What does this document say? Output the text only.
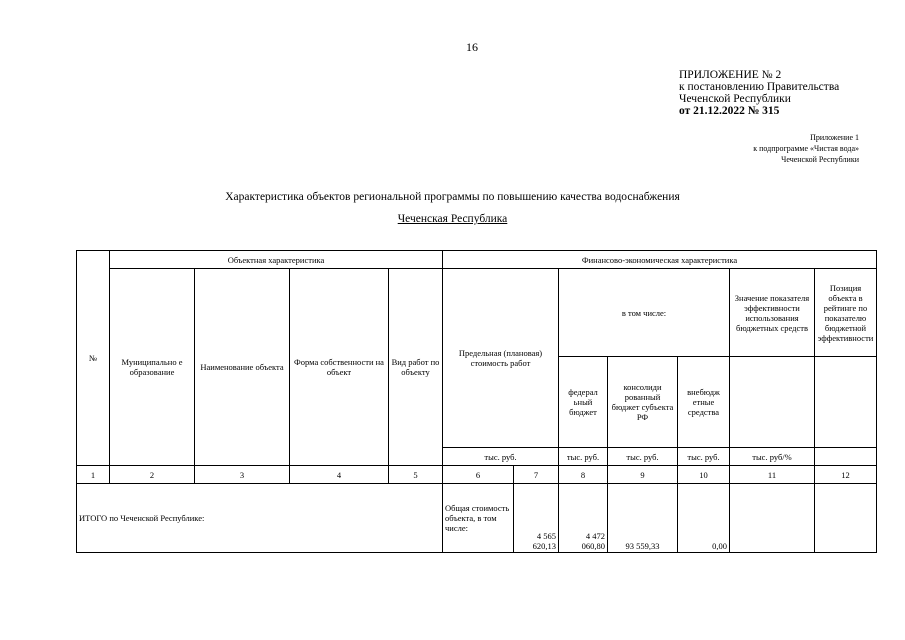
16
ПРИЛОЖЕНИЕ № 2
к постановлению Правительства
Чеченской Республики
от 21.12.2022 № 315
Приложение 1
к подпрограмме «Чистая вода»
Чеченской Республики
Характеристика объектов региональной программы по повышению качества водоснабжения
Чеченская Республика
№	Объектная характеристика				Финансово-экономическая характеристика						
	Муниципально е образование	Наименование объекта	Форма собственности на объект	Вид работ по объекту	Предельная (плановая) стоимость работ		в том числе:			Значение показателя эффективности использования бюджетных средств	Позиция объекта в рейтинге по показателю бюджетной эффективности
							федерал ьный бюджет	консолиди рованный бюджет субъекта РФ	внебюдж етные средства		
					тыс. руб.		тыс. руб.	тыс. руб.	тыс. руб.	тыс. руб/%	
1	2	3	4	5	6	7	8	9	10	11	12
ИТОГО по Чеченской Республике:					Общая стоимость объекта, в том числе:	4 565 620,13	4 472 060,80	93 559,33	0,00		
